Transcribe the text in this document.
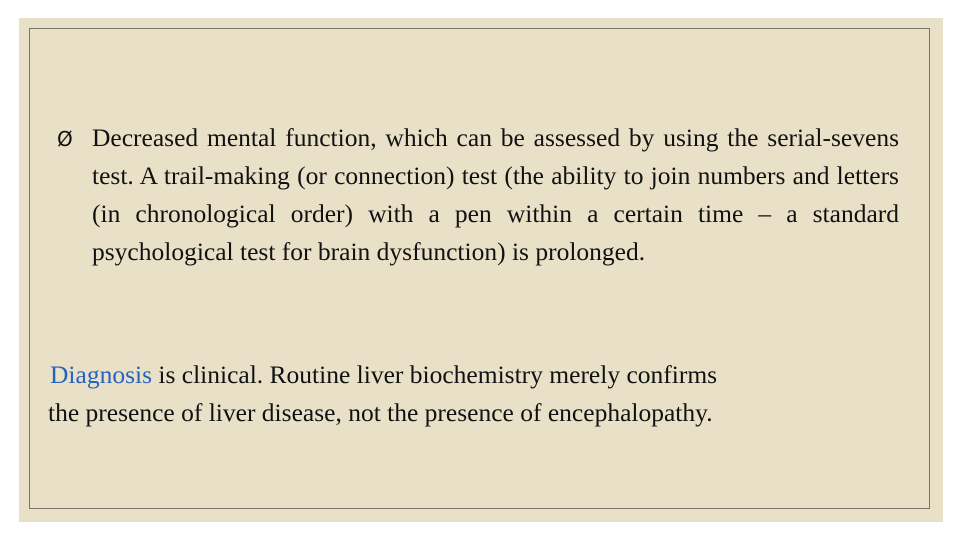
Ø Decreased mental function, which can be assessed by using the serial-sevens test. A trail-making (or connection) test (the ability to join numbers and letters (in chronological order) with a pen within a certain time – a standard psychological test for brain dysfunction) is prolonged.
Diagnosis is clinical. Routine liver biochemistry merely confirms
the presence of liver disease, not the presence of encephalopathy.
